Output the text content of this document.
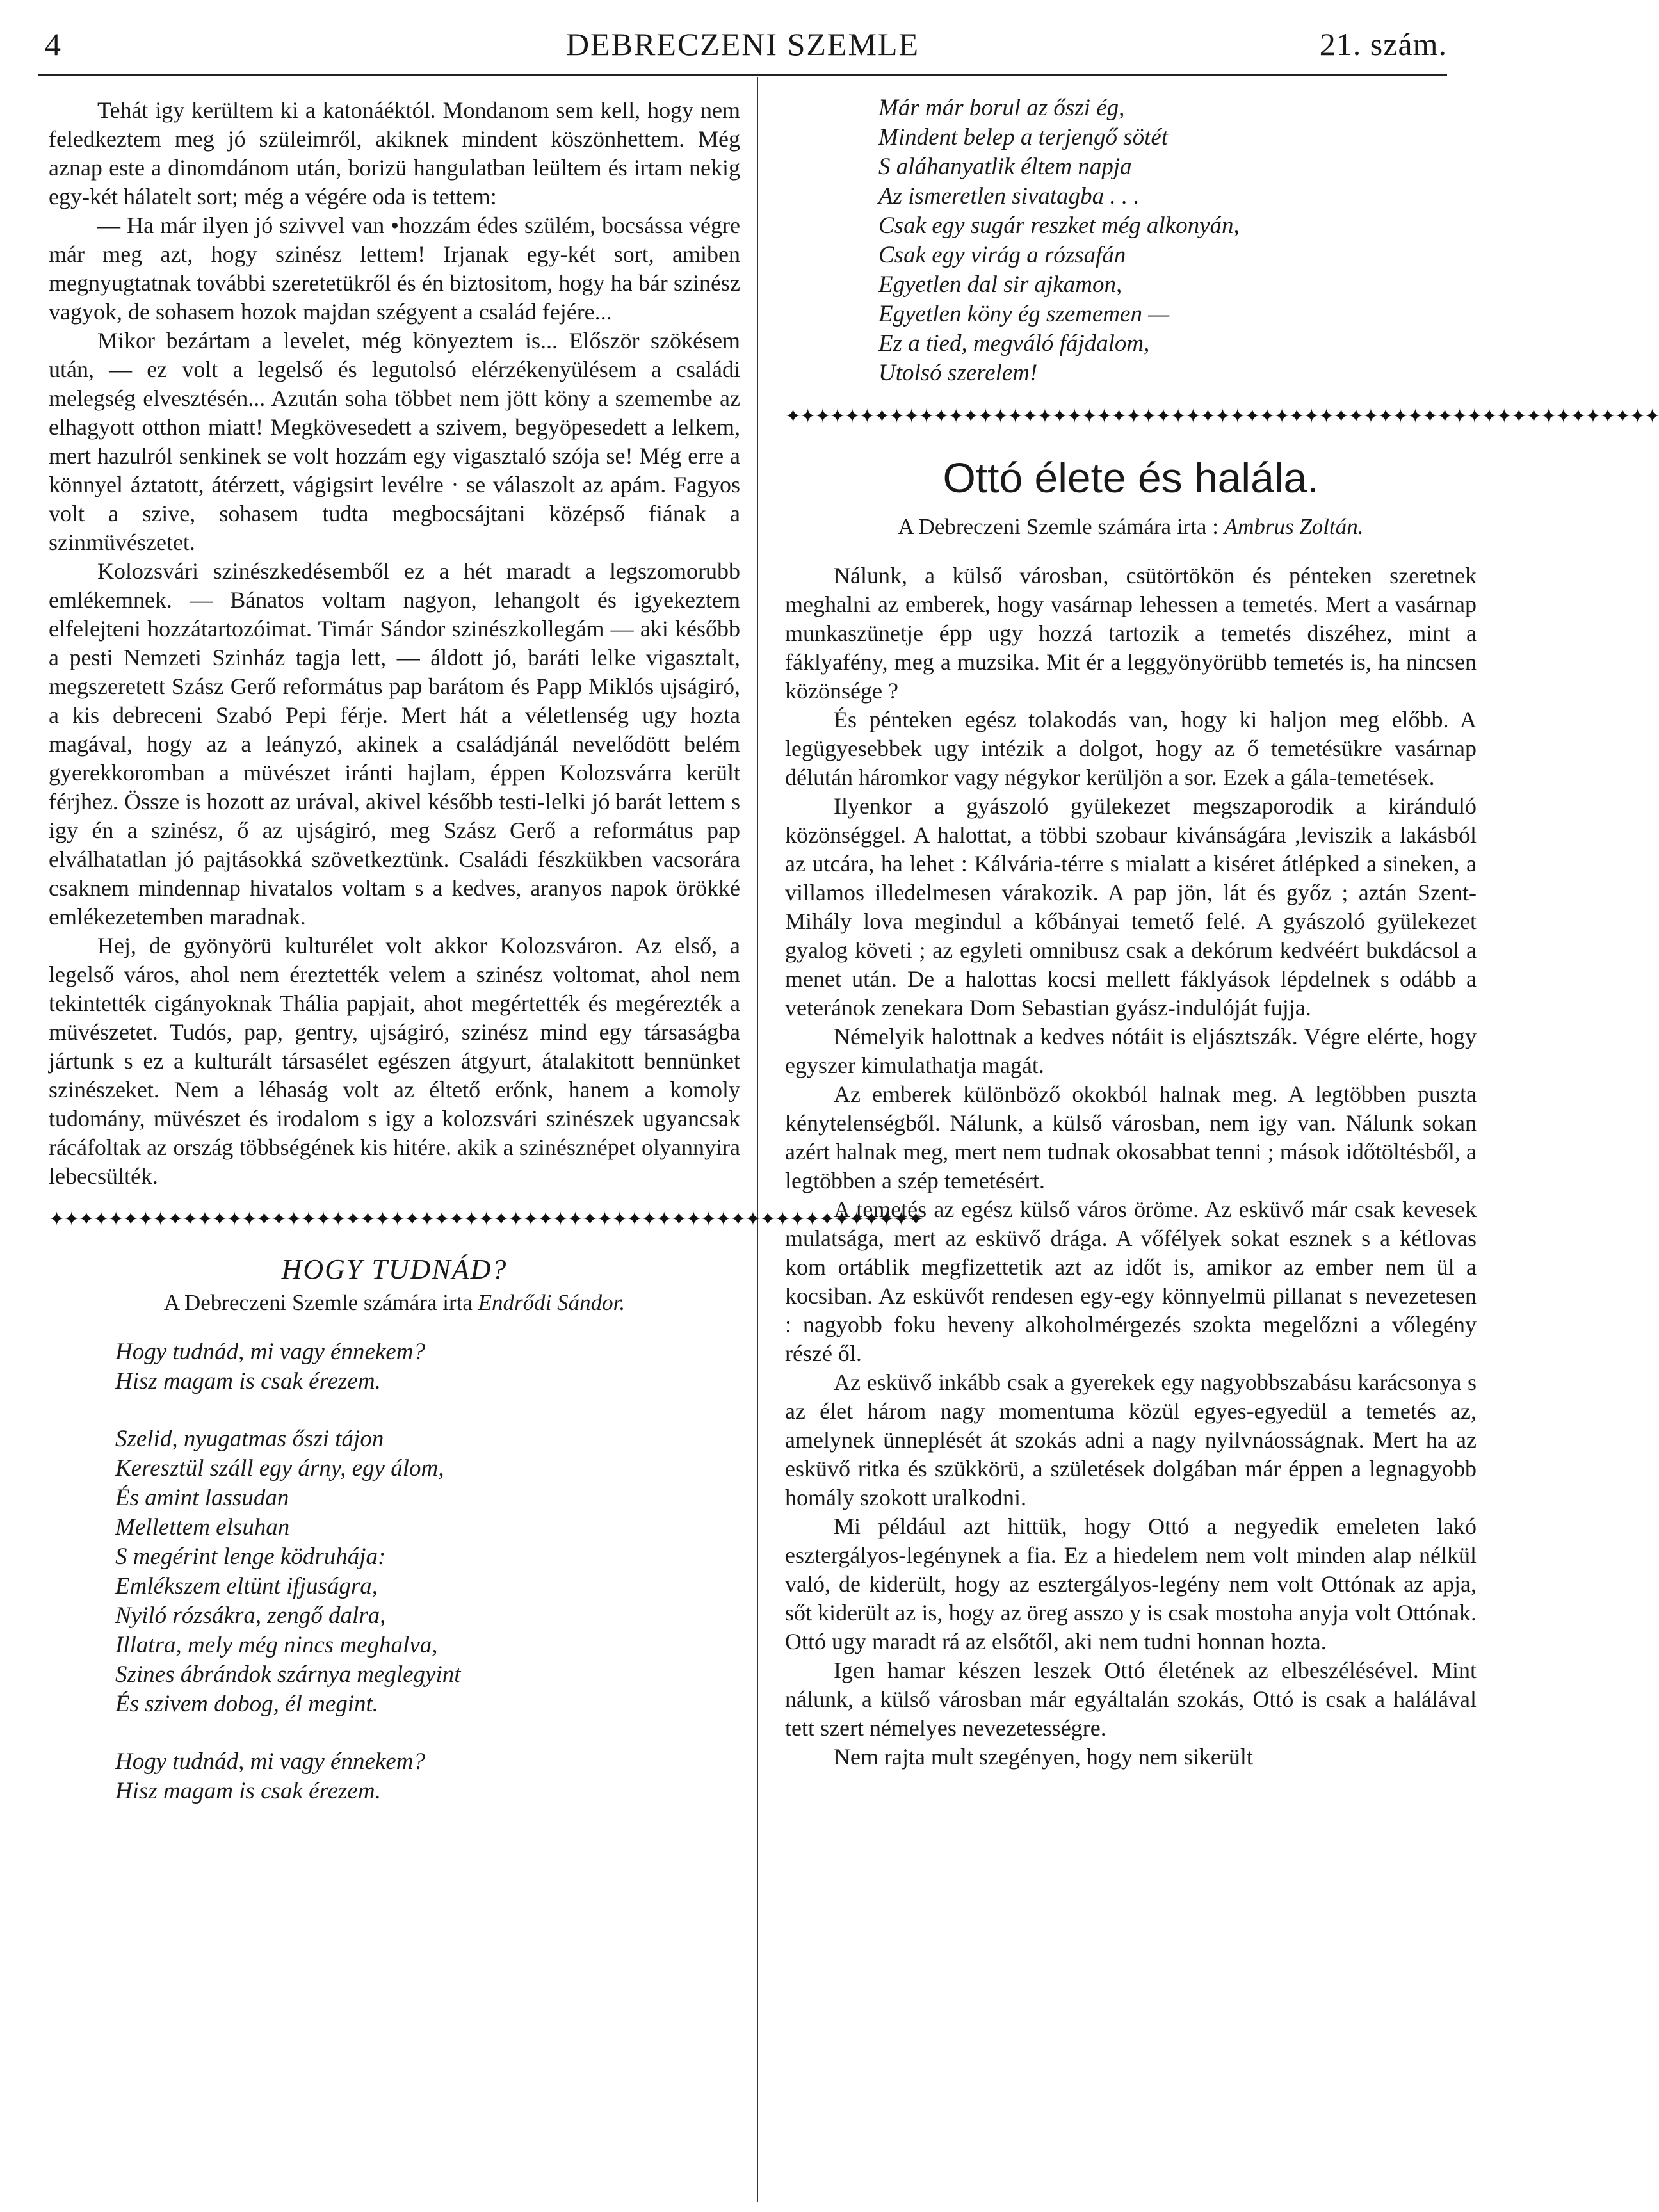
4	DEBRECZENI SZEMLE	21. szám.

Tehát igy kerültem ki a katonáéktól. Mondanom sem kell, hogy nem feledkeztem meg jó szüleimről, akiknek mindent köszönhettem. Még aznap este a dinomdánom után, borizü hangulatban leültem és irtam nekig egy-két hálatelt sort; még a végére oda is tettem:

— Ha már ilyen jó szivvel van •hozzám édes szülém, bocsássa végre már meg azt, hogy szinész lettem! Irjanak egy-két sort, amiben megnyugtatnak további szeretetükről és én biztositom, hogy ha bár szinész vagyok, de sohasem hozok majdan szégyent a család fejére...

Mikor bezártam a levelet, még könyeztem is... Először szökésem után, — ez volt a legelső és legutolsó elérzékenyülésem a családi melegség elvesztésén... Azután soha többet nem jött köny a szemembe az elhagyott otthon miatt! Megkövesedett a szivem, begyöpesedett a lelkem, mert hazulról senkinek se volt hozzám egy vigasztaló szója se! Még erre a könnyel áztatott, átérzett, vágigsirt levélre · se válaszolt az apám. Fagyos volt a szive, sohasem tudta megbocsájtani középső fiának a szinmüvészetet.

Kolozsvári szinészkedésemből ez a hét maradt a legszomorubb emlékemnek. — Bánatos voltam nagyon, lehangolt és igyekeztem elfelejteni hozzátartozóimat. Timár Sándor szinészkollegám — aki később a pesti Nemzeti Szinház tagja lett, — áldott jó, baráti lelke vigasztalt, megszeretett Szász Gerő református pap barátom és Papp Miklós ujságiró, a kis debreceni Szabó Pepi férje. Mert hát a véletlenség ugy hozta magával, hogy az a leányzó, akinek a családjánál nevelődött belém gyerekkoromban a müvészet iránti hajlam, éppen Kolozsvárra került férjhez. Össze is hozott az urával, akivel később testi-lelki jó barát lettem s igy én a szinész, ő az ujságiró, meg Szász Gerő a református pap elválhatatlan jó pajtásokká szövetkeztünk. Családi fészkükben vacsorára csaknem mindennap hivatalos voltam s a kedves, aranyos napok örökké emlékezetemben maradnak.

Hej, de gyönyörü kulturélet volt akkor Kolozsváron. Az első, a legelső város, ahol nem éreztették velem a szinész voltomat, ahol nem tekintették cigányoknak Thália papjait, ahot megértették és megérezték a müvészetet. Tudós, pap, gentry, ujságiró, szinész mind egy társaságba jártunk s ez a kulturált társasélet egészen átgyurt, átalakitott bennünket szinészeket. Nem a léhaság volt az éltető erőnk, hanem a komoly tudomány, müvészet és irodalom s igy a kolozsvári szinészek ugyancsak rácáfoltak az ország többségének kis hitére. akik a szinésznépet olyannyira lebecsülték.

✦✦✦✦✦✦✦✦✦✦✦✦✦✦✦✦✦✦✦✦✦✦✦✦✦✦✦✦✦✦✦✦✦✦✦✦✦✦✦✦✦✦✦✦✦✦✦✦✦✦✦✦✦✦✦✦✦✦✦
HOGY TUDNÁD?
A Debreczeni Szemle számára irta Endrődi Sándor.
Hogy tudnád, mi vagy énnekem?
Hisz magam is csak érezem.
Szelid, nyugatmas őszi tájon
Keresztül száll egy árny, egy álom,
És amint lassudan
Mellettem elsuhan
S megérint lenge ködruhája:
Emlékszem eltünt ifjuságra,
Nyiló rózsákra, zengő dalra,
Illatra, mely még nincs meghalva,
Szines ábrándok szárnya meglegyint
És szivem dobog, él megint.
Hogy tudnád, mi vagy énnekem?
Hisz magam is csak érezem.
Már már borul az őszi ég,
Mindent belep a terjengő sötét
S aláhanyatlik éltem napja
Az ismeretlen sivatagba . . .
Csak egy sugár reszket még alkonyán,
Csak egy virág a rózsafán
Egyetlen dal sir ajkamon,
Egyetlen köny ég szememen —
Ez a tied, megváló fájdalom,
Utolsó szerelem!
✦✦✦✦✦✦✦✦✦✦✦✦✦✦✦✦✦✦✦✦✦✦✦✦✦✦✦✦✦✦✦✦✦✦✦✦✦✦✦✦✦✦✦✦✦✦✦✦✦✦✦✦✦✦✦✦✦✦✦
Ottó élete és halála.
A Debreczeni Szemle számára irta : Ambrus Zoltán.

Nálunk, a külső városban, csütörtökön és pénteken szeretnek meghalni az emberek, hogy vasárnap lehessen a temetés. Mert a vasárnap munkaszünetje épp ugy hozzá tartozik a temetés diszéhez, mint a fáklyafény, meg a muzsika. Mit ér a leggyönyörübb temetés is, ha nincsen közönsége ?

És pénteken egész tolakodás van, hogy ki haljon meg előbb. A legügyesebbek ugy intézik a dolgot, hogy az ő temetésükre vasárnap délután háromkor vagy négykor kerüljön a sor. Ezek a gála-temetések.

Ilyenkor a gyászoló gyülekezet megszaporodik a kiránduló közönséggel. A halottat, a többi szobaur kivánságára ,leviszik a lakásból az utcára, ha lehet : Kálvária-térre s mialatt a kiséret átlépked a sineken, a villamos illedelmesen várakozik. A pap jön, lát és győz ; aztán Szent-Mihály lova megindul a kőbányai temető felé. A gyászoló gyülekezet gyalog követi ; az egyleti omnibusz csak a dekórum kedvéért bukdácsol a menet után. De a halottas kocsi mellett fáklyások lépdelnek s odább a veteránok zenekara Dom Sebastian gyász-indulóját fujja.

Némelyik halottnak a kedves nótáit is eljásztszák. Végre elérte, hogy egyszer kimulathatja magát.

Az emberek különböző okokból halnak meg. A legtöbben puszta kénytelenségből. Nálunk, a külső városban, nem igy van. Nálunk sokan azért halnak meg, mert nem tudnak okosabbat tenni ; mások időtöltésből, a legtöbben a szép temetésért.

A temetés az egész külső város öröme. Az esküvő már csak kevesek mulatsága, mert az esküvő drága. A vőfélyek sokat esznek s a kétlovas kom ortáblik megfizettetik azt az időt is, amikor az ember nem ül a kocsiban. Az esküvőt rendesen egy-egy könnyelmü pillanat s nevezetesen : nagyobb foku heveny alkoholmérgezés szokta megelőzni a vőlegény részé ől.

Az esküvő inkább csak a gyerekek egy nagyobbszabásu karácsonya s az élet három nagy momentuma közül egyes-egyedül a temetés az, amelynek ünneplését át szokás adni a nagy nyilvnáosságnak. Mert ha az esküvő ritka és szükkörü, a születések dolgában már éppen a legnagyobb homály szokott uralkodni.

Mi például azt hittük, hogy Ottó a negyedik emeleten lakó esztergályos-legénynek a fia. Ez a hiedelem nem volt minden alap nélkül való, de kiderült, hogy az esztergályos-legény nem volt Ottónak az apja, sőt kiderült az is, hogy az öreg asszo y is csak mostoha anyja volt Ottónak. Ottó ugy maradt rá az elsőtől, aki nem tudni honnan hozta.

Igen hamar készen leszek Ottó életének az elbeszélésével. Mint nálunk, a külső városban már egyáltalán szokás, Ottó is csak a halálával tett szert némelyes nevezetességre.

Nem rajta mult szegényen, hogy nem sikerült
